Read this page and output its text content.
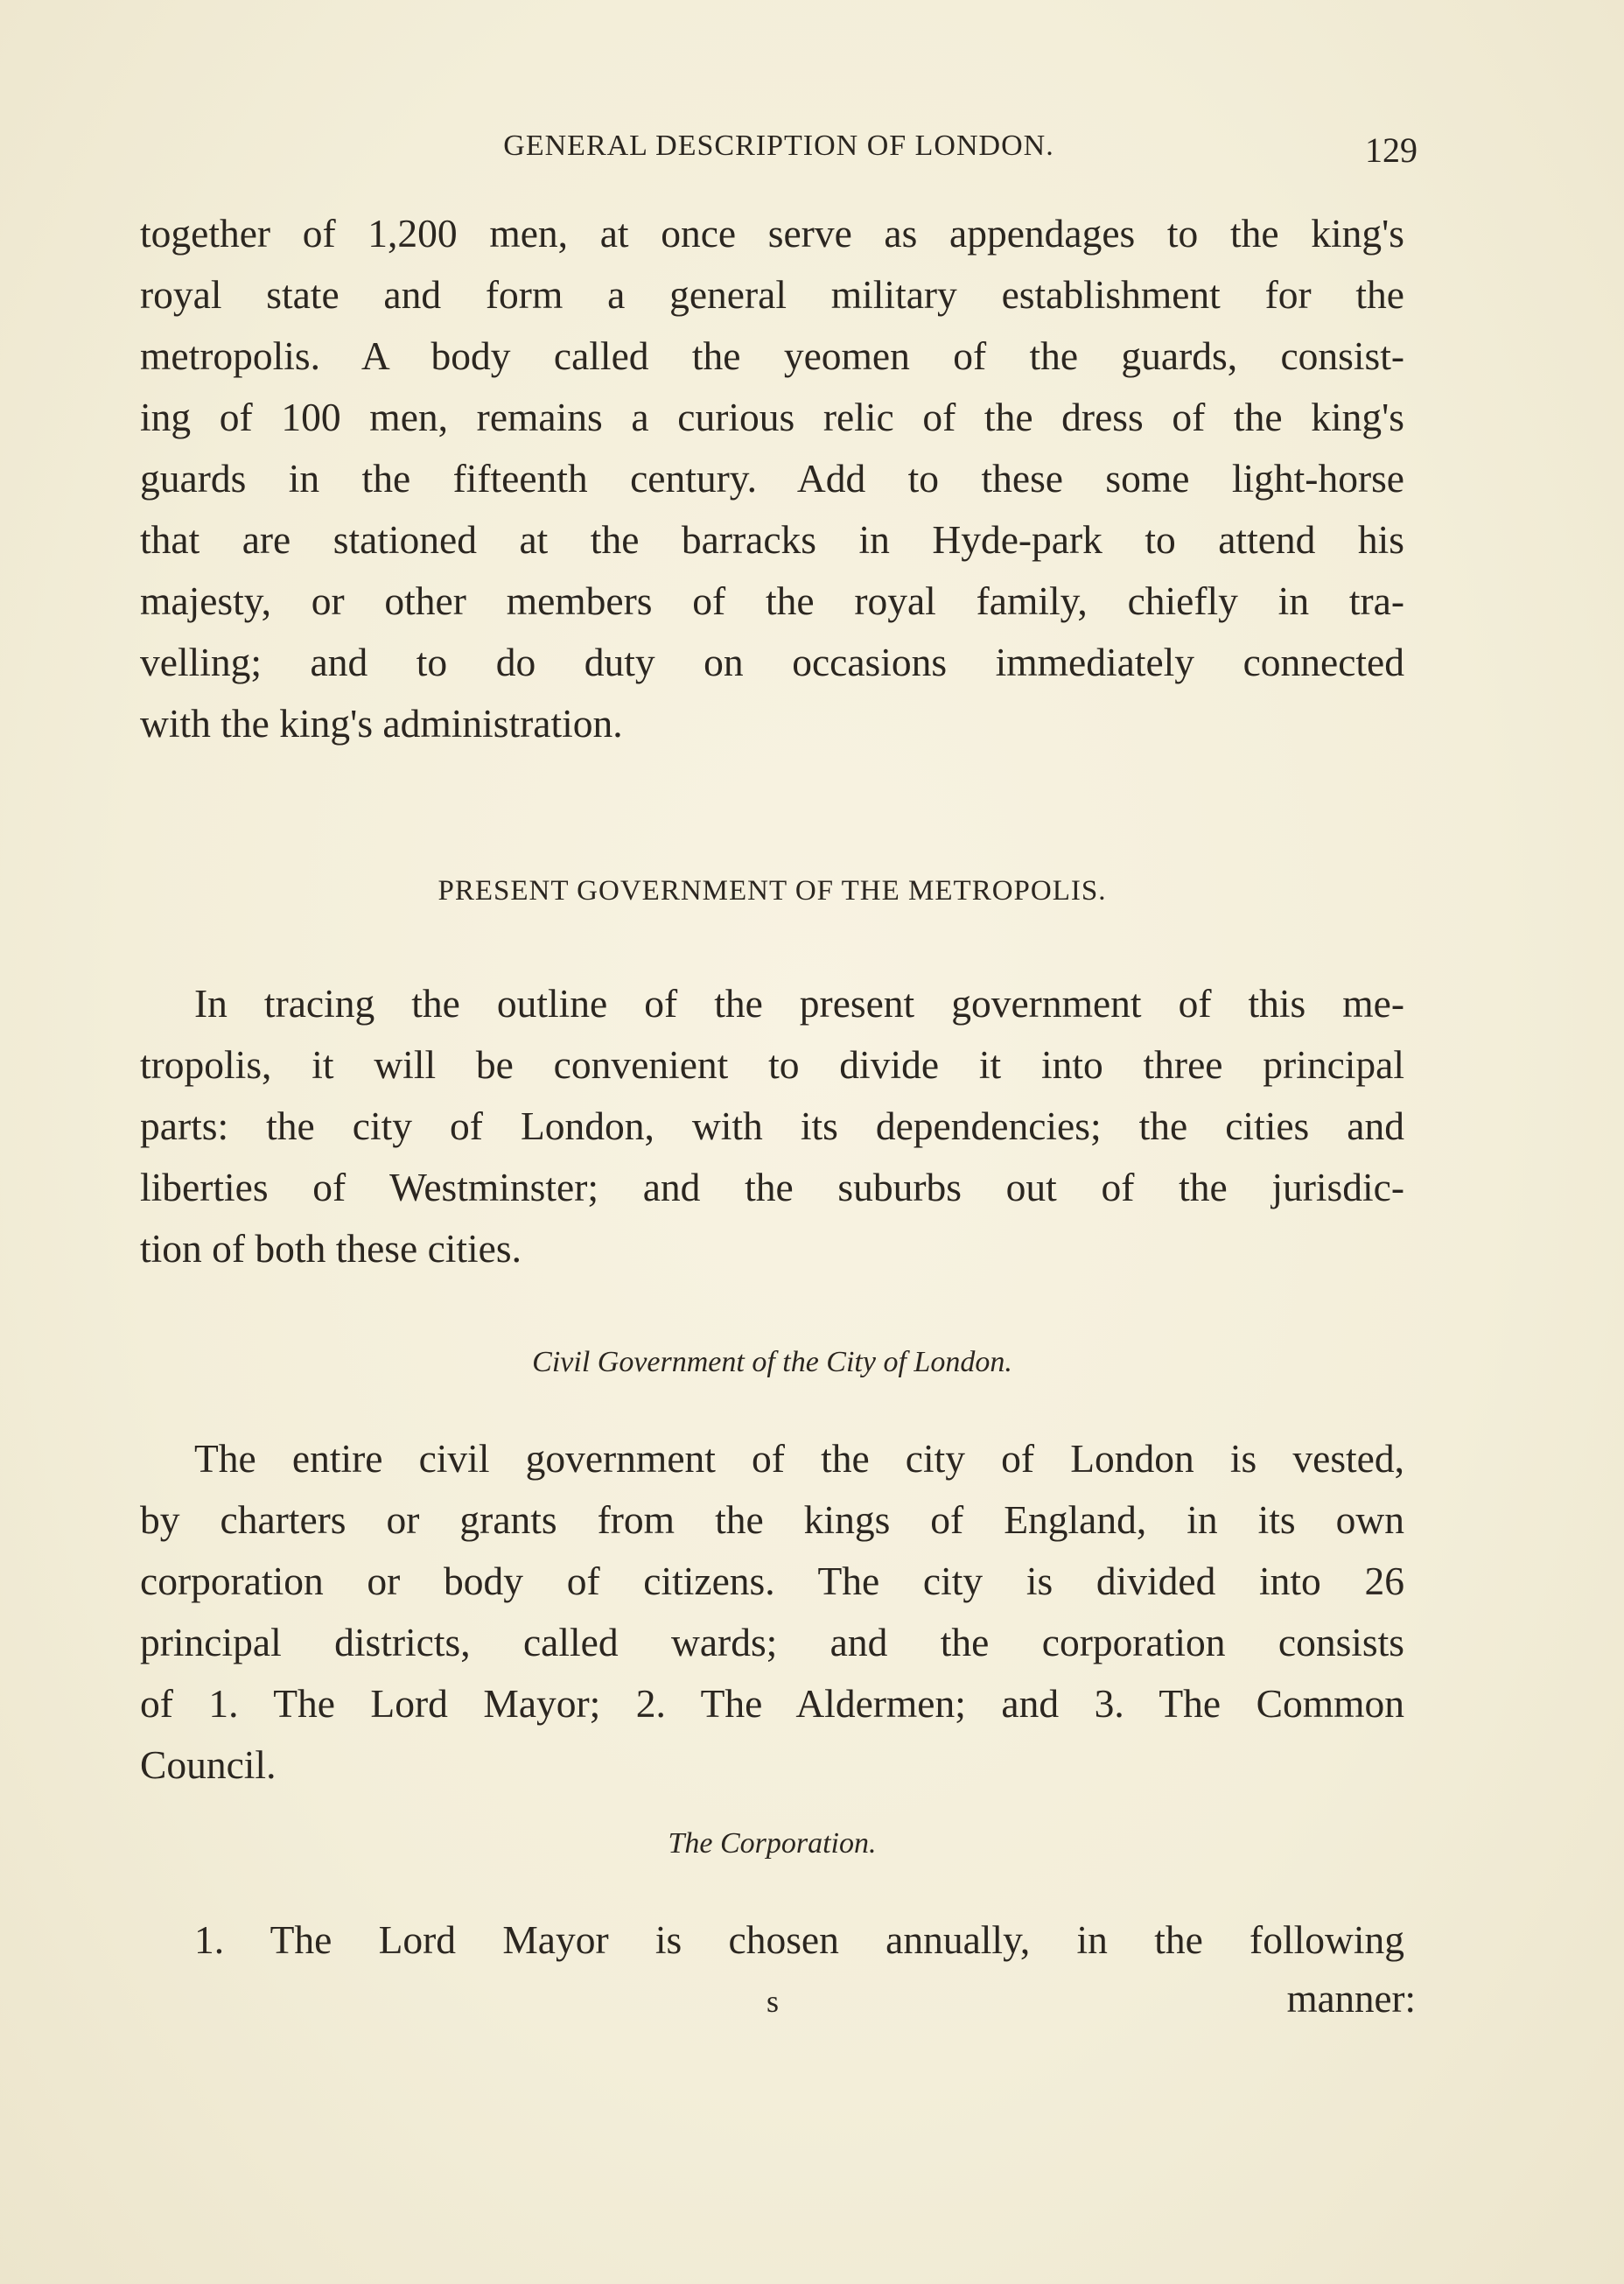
GENERAL DESCRIPTION OF LONDON.	129

together of 1,200 men, at once serve as appendages to the king's
royal state and form a general military establishment for the
metropolis. A body called the yeomen of the guards, consist-
ing of 100 men, remains a curious relic of the dress of the king's
guards in the fifteenth century. Add to these some light-horse
that are stationed at the barracks in Hyde-park to attend his
majesty, or other members of the royal family, chiefly in tra-
velling; and to do duty on occasions immediately connected
with the king's administration.

PRESENT GOVERNMENT OF THE METROPOLIS.

In tracing the outline of the present government of this me-
tropolis, it will be convenient to divide it into three principal
parts: the city of London, with its dependencies; the cities and
liberties of Westminster; and the suburbs out of the jurisdic-
tion of both these cities.

Civil Government of the City of London.

The entire civil government of the city of London is vested,
by charters or grants from the kings of England, in its own
corporation or body of citizens. The city is divided into 26
principal districts, called wards; and the corporation consists
of 1. The Lord Mayor; 2. The Aldermen; and 3. The Common
Council.

The Corporation.

1. The Lord Mayor is chosen annually, in the following

s	manner:
